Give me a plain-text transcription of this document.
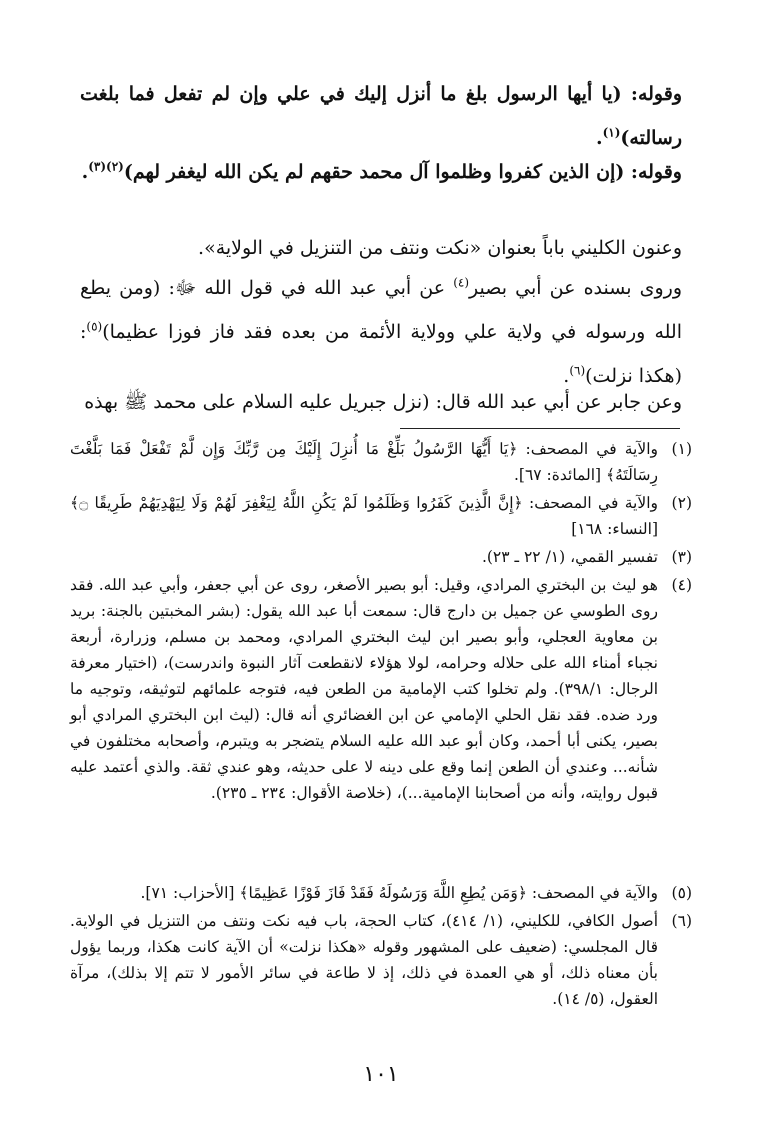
وقوله: (يا أيها الرسول بلغ ما أنزل إليك في علي وإن لم تفعل فما بلغت رسالته)$^{(١)}$.

وقوله: (إن الذين كفروا وظلموا آل محمد حقهم لم يكن الله ليغفر لهم)$^{(٢)(٣)}$.

وعنون الكليني باباً بعنوان «نكت ونتف من التنزيل في الولاية».

وروى بسنده عن أبي بصير$^{(٤)}$ عن أبي عبد الله في قول الله ﷻ: (ومن يطع الله ورسوله في ولاية علي وولاية الأئمة من بعده فقد فاز فوزا عظيما)$^{(٥)}$: (هكذا نزلت)$^{(٦)}$.

وعن جابر عن أبي عبد الله قال: (نزل جبريل عليه السلام على محمد ﷺ بهذه

(١)
والآية في المصحف: ﴿يَا أَيُّهَا الرَّسُولُ بَلِّغْ مَا أُنزِلَ إِلَيْكَ مِن رَّبِّكَ وَإِن لَّمْ تَفْعَلْ فَمَا بَلَّغْتَ رِسَالَتَهُ﴾ [المائدة: ٦٧].
(٢)
والآية في المصحف: ﴿إِنَّ الَّذِينَ كَفَرُوا وَظَلَمُوا لَمْ يَكُنِ اللَّهُ لِيَغْفِرَ لَهُمْ وَلَا لِيَهْدِيَهُمْ طَرِيقًا ۝﴾ [النساء: ١٦٨]
(٣)
تفسير القمي، (١/ ٢٢ ـ ٢٣).
(٤)
هو ليث بن البختري المرادي، وقيل: أبو بصير الأصغر، روى عن أبي جعفر، وأبي عبد الله. فقد روى الطوسي عن جميل بن دارج قال: سمعت أبا عبد الله يقول: (بشر المخبتين بالجنة: بريد بن معاوية العجلي، وأبو بصير ابن ليث البختري المرادي، ومحمد بن مسلم، وزرارة، أربعة نجباء أمناء الله على حلاله وحرامه، لولا هؤلاء لانقطعت آثار النبوة واندرست)، (اختيار معرفة الرجال: ٣٩٨/١). ولم تخلوا كتب الإمامية من الطعن فيه، فتوجه علمائهم لتوثيقه، وتوجيه ما ورد ضده. فقد نقل الحلي الإمامي عن ابن الغضائري أنه قال: (ليث ابن البختري المرادي أبو بصير، يكنى أبا أحمد، وكان أبو عبد الله عليه السلام يتضجر به ويتبرم، وأصحابه مختلفون في شأنه... وعندي أن الطعن إنما وقع على دينه لا على حديثه، وهو عندي ثقة. والذي أعتمد عليه قبول روايته، وأنه من أصحابنا الإمامية...)، (خلاصة الأقوال: ٢٣٤ ـ ٢٣٥).
(٥)
والآية في المصحف: ﴿وَمَن يُطِعِ اللَّهَ وَرَسُولَهُ فَقَدْ فَازَ فَوْزًا عَظِيمًا﴾ [الأحزاب: ٧١].
(٦)
أصول الكافي، للكليني، (١/ ٤١٤)، كتاب الحجة، باب فيه نكت ونتف من التنزيل في الولاية. قال المجلسي: (ضعيف على المشهور وقوله «هكذا نزلت» أن الآية كانت هكذا، وربما يؤول بأن معناه ذلك، أو هي العمدة في ذلك، إذ لا طاعة في سائر الأمور لا تتم إلا بذلك)، مرآة العقول، (٥/ ١٤).
١٠١
